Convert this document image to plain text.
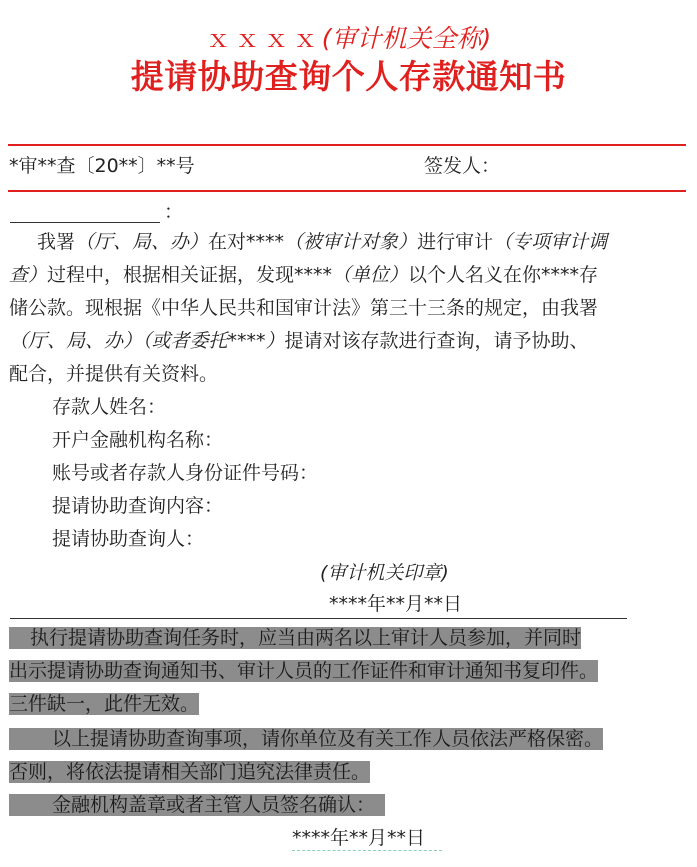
ｘｘｘｘ(审计机关全称)
提请协助查询个人存款通知书
*审**查〔20**〕**号	签发人：
：
我署（厅、局、办）在对****（被审计对象）进行审计（专项审计调
查）过程中，根据相关证据，发现****（单位）以个人名义在你****存
储公款。现根据《中华人民共和国审计法》第三十三条的规定，由我署
（厅、局、办）（或者委托****）提请对该存款进行查询，请予协助、
配合，并提供有关资料。
存款人姓名：
开户金融机构名称：
账号或者存款人身份证件号码：
提请协助查询内容：
提请协助查询人：
(审计机关印章)
****年**月**日
执行提请协助查询任务时，应当由两名以上审计人员参加，并同时
出示提请协助查询通知书、审计人员的工作证件和审计通知书复印件。
三件缺一，此件无效。
以上提请协助查询事项，请你单位及有关工作人员依法严格保密。
否则，将依法提请相关部门追究法律责任。
金融机构盖章或者主管人员签名确认：
****年**月**日
